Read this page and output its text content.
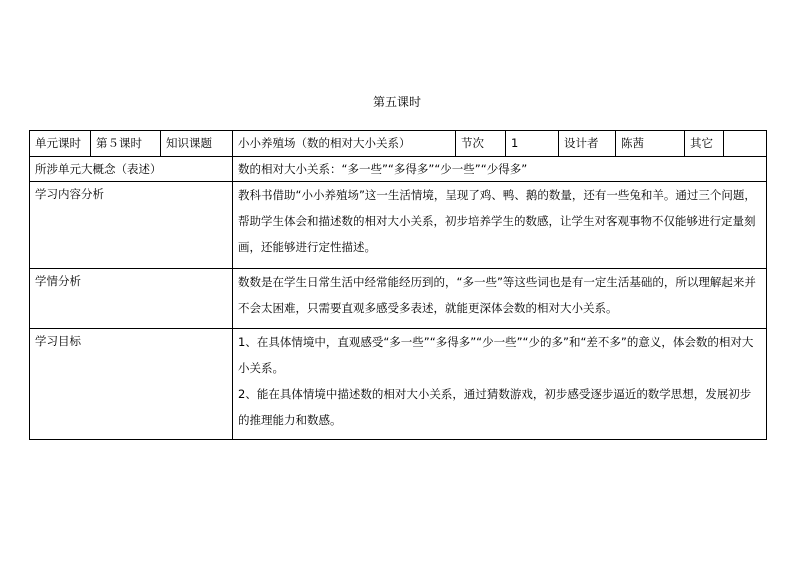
第五课时
单元课时	第５课时	知识课题	小小养殖场（数的相对大小关系）	节次	1	设计者	陈茜	其它	
所涉单元大概念（表述）			数的相对大小关系：“多一些”“多得多”“少一些”“少得多”						
学习内容分析			教科书借助“小小养殖场”这一生活情境，呈现了鸡、鸭、鹅的数量，还有一些兔和羊。通过三个问题，帮助学生体会和描述数的相对大小关系，初步培养学生的数感，让学生对客观事物不仅能够进行定量刻画，还能够进行定性描述。						
学情分析			数数是在学生日常生活中经常能经历到的，“多一些”等这些词也是有一定生活基础的，所以理解起来并不会太困难，只需要直观多感受多表述，就能更深体会数的相对大小关系。						
学习目标			1、在具体情境中，直观感受“多一些”“多得多”“少一些”“少的多”和“差不多”的意义，体会数的相对大小关系。
2、能在具体情境中描述数的相对大小关系，通过猜数游戏，初步感受逐步逼近的数学思想，发展初步的推理能力和数感。						
